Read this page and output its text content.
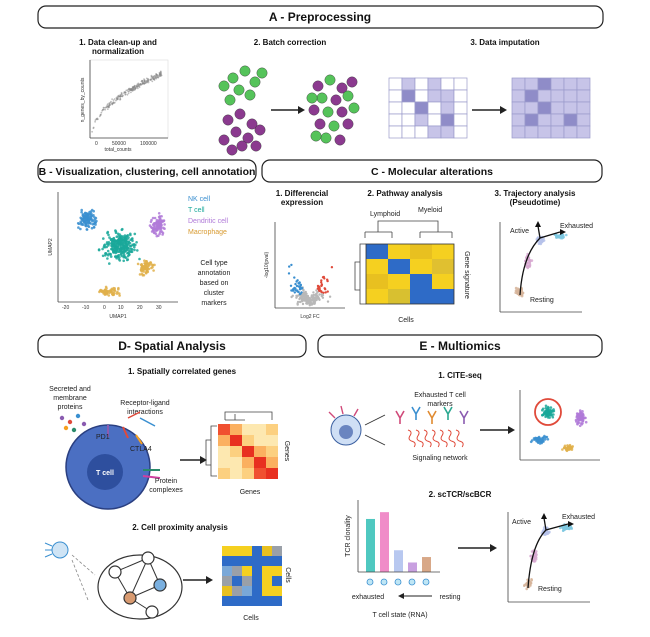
A - Preprocessing
1. Data clean-up and
normalization
n_genes_by_counts
0	50000	100000
total_counts
2. Batch correction	3. Data imputation
B - Visualization, clustering, cell annotation
UMAP2
UMAP1
-20	-10	0 10	20	30
NK cell
T cell
Dendritic cell
Macrophage
Cell type
annotation
based on
cluster
markers
C - Molecular alterations
1. Differencial
expression
-log10(pval)
Log2 FC
2. Pathway analysis
Lymphoid
Myeloid
Gene signature
Cells
3. Trajectory analysis
(Pseudotime)
Active
Exhausted
Resting
D- Spatial Analysis
1. Spatially correlated genes
Secreted and
membrane
proteins
Receptor-ligand
interactions
T cell
PD1
CTLA4
Protein
complexes
Genes
Genes
2. Cell proximity analysis
Cells
Cells
E - Multiomics
1. CITE-seq
Exhausted T cell
markers
Signaling network
2. scTCR/scBCR
TCR clonality
exhausted	resting
T cell state (RNA)
Active
Exhausted
Resting
